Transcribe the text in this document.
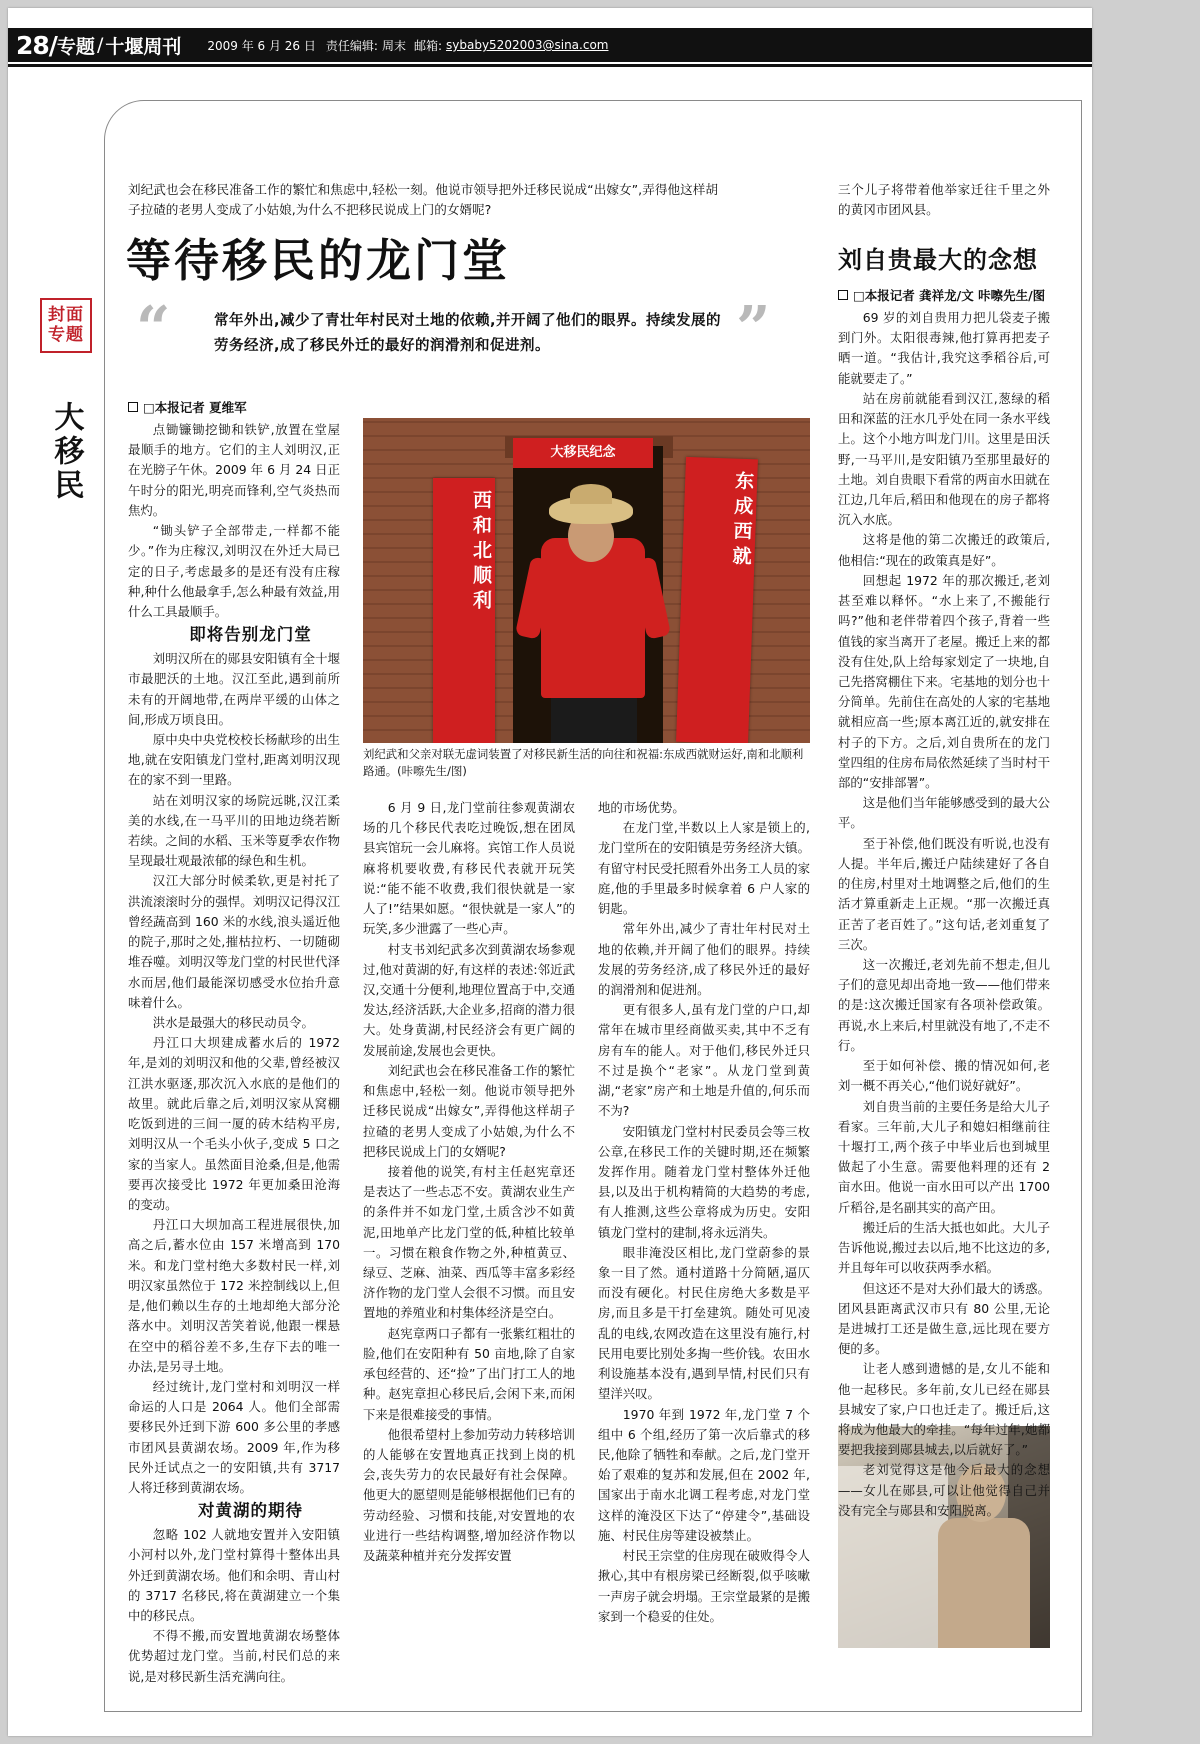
28/ 专题 / 十堰周刊 2009 年 6 月 26 日 责任编辑: 周末 邮箱: sybaby5202003@sina.com
封面专题
大移民
刘纪武也会在移民准备工作的繁忙和焦虑中,轻松一刻。他说市领导把外迁移民说成“出嫁女”,弄得他这样胡子拉碴的老男人变成了小姑娘,为什么不把移民说成上门的女婿呢?
等待移民的龙门堂
“	”
常年外出,减少了青壮年村民对土地的依赖,并开阔了他们的眼界。持续发展的劳务经济,成了移民外迁的最好的润滑剂和促进剂。
□本报记者 夏维军
三个儿子将带着他举家迁往千里之外的黄冈市团风县。
刘自贵最大的念想
□本报记者 龚祥龙/文 咔嚓先生/图
大移民纪念
西和北顺利	东成西就
刘纪武和父亲对联无虚词装置了对移民新生活的向往和祝福:东成西就财运好,南和北顺利路通。(咔嚓先生/图)

点锄镰锄挖锄和铁铲,放置在堂屋最顺手的地方。它们的主人刘明汉,正在光膀子午休。2009 年 6 月 24 日正午时分的阳光,明亮而锋利,空气炎热而焦灼。

“锄头铲子全部带走,一样都不能少。”作为庄稼汉,刘明汉在外迁大局已定的日子,考虑最多的是还有没有庄稼种,种什么他最拿手,怎么种最有效益,用什么工具最顺手。

即将告别龙门堂

刘明汉所在的郧县安阳镇有全十堰市最肥沃的土地。汉江至此,遇到前所未有的开阔地带,在两岸平缓的山体之间,形成万顷良田。

原中央中央党校校长杨献珍的出生地,就在安阳镇龙门堂村,距离刘明汉现在的家不到一里路。

站在刘明汉家的场院远眺,汉江柔美的水线,在一马平川的田地边绕若断若续。之间的水稻、玉米等夏季农作物呈现最壮观最浓郁的绿色和生机。

汉江大部分时候柔软,更是衬托了洪流滚滚时分的强悍。刘明汉记得汉江曾经蔬高到 160 米的水线,浪头遥近他的院子,那时之处,摧枯拉朽、一切随砌堆吞噬。刘明汉等龙门堂的村民世代泽水而居,他们最能深切感受水位抬升意味着什么。

洪水是最强大的移民动员令。

丹江口大坝建成蓄水后的 1972 年,是刘的刘明汉和他的父辈,曾经被汉江洪水驱逐,那次沉入水底的是他们的故里。就此后靠之后,刘明汉家从窝棚吃饭到进的三间一厦的砖木结构平房,刘明汉从一个毛头小伙子,变成 5 口之家的当家人。虽然面目沧桑,但是,他需要再次接受比 1972 年更加桑田沧海的变动。

丹江口大坝加高工程进展很快,加高之后,蓄水位由 157 米增高到 170 米。和龙门堂村绝大多数村民一样,刘明汉家虽然位于 172 米控制线以上,但是,他们赖以生存的土地却绝大部分沦落水中。刘明汉苦笑着说,他跟一棵悬在空中的稻谷差不多,生存下去的唯一办法,是另寻土地。

经过统计,龙门堂村和刘明汉一样命运的人口是 2064 人。他们全部需要移民外迁到下游 600 多公里的孝感市团风县黄湖农场。2009 年,作为移民外迁试点之一的安阳镇,共有 3717 人将迁移到黄湖农场。

对黄湖的期待

忽略 102 人就地安置并入安阳镇小河村以外,龙门堂村算得十整体出具外迁到黄湖农场。他们和余明、青山村的 3717 名移民,将在黄湖建立一个集中的移民点。

不得不搬,而安置地黄湖农场整体优势超过龙门堂。当前,村民们总的来说,是对移民新生活充满向往。

6 月 9 日,龙门堂前往参观黄湖农场的几个移民代表吃过晚饭,想在团凤县宾馆玩一会儿麻将。宾馆工作人员说麻将机要收费,有移民代表就开玩笑说:“能不能不收费,我们很快就是一家人了!”结果如愿。“很快就是一家人”的玩笑,多少泄露了一些心声。

村支书刘纪武多次到黄湖农场参观过,他对黄湖的好,有这样的表述:邻近武汉,交通十分便利,地理位置高于中,交通发达,经济活跃,大企业多,招商的潜力很大。处身黄湖,村民经济会有更广阔的发展前途,发展也会更快。

刘纪武也会在移民准备工作的繁忙和焦虑中,轻松一刻。他说市领导把外迁移民说成“出嫁女”,弄得他这样胡子拉碴的老男人变成了小姑娘,为什么不把移民说成上门的女婿呢?

接着他的说笑,有村主任赵宪章还是表达了一些忐忑不安。黄湖农业生产的条件并不如龙门堂,土质含沙不如黄泥,田地单产比龙门堂的低,种植比较单一。习惯在粮食作物之外,种植黄豆、绿豆、芝麻、油菜、西瓜等丰富多彩经济作物的龙门堂人会很不习惯。而且安置地的养殖业和村集体经济是空白。

赵宪章两口子都有一张紫红粗壮的脸,他们在安阳种有 50 亩地,除了自家承包经营的、还“捡”了出门打工人的地种。赵宪章担心移民后,会闲下来,而闲下来是很难接受的事情。

他很希望村上参加劳动力转移培训的人能够在安置地真正找到上岗的机会,丧失劳力的农民最好有社会保障。他更大的愿望则是能够根据他们已有的劳动经验、习惯和技能,对安置地的农业进行一些结构调整,增加经济作物以及蔬菜种植并充分发挥安置

地的市场优势。

在龙门堂,半数以上人家是锁上的,龙门堂所在的安阳镇是劳务经济大镇。有留守村民受托照看外出务工人员的家庭,他的手里最多时候拿着 6 户人家的钥匙。

常年外出,减少了青壮年村民对土地的依赖,并开阔了他们的眼界。持续发展的劳务经济,成了移民外迁的最好的润滑剂和促进剂。

更有很多人,虽有龙门堂的户口,却常年在城市里经商做买卖,其中不乏有房有车的能人。对于他们,移民外迁只不过是换个“老家”。从龙门堂到黄湖,“老家”房产和土地是升值的,何乐而不为?

安阳镇龙门堂村村民委员会等三枚公章,在移民工作的关键时期,还在频繁发挥作用。随着龙门堂村整体外迁他县,以及出于机构精简的大趋势的考虑,有人推测,这些公章将成为历史。安阳镇龙门堂村的建制,将永远消失。

眼非淹没区相比,龙门堂蔚参的景象一目了然。通村道路十分简陋,逼仄而没有硬化。村民住房绝大多数是平房,而且多是干打垒建筑。随处可见凌乱的电线,农网改造在这里没有施行,村民用电要比别处多掏一些价钱。农田水利设施基本没有,遇到旱情,村民们只有望洋兴叹。

1970 年到 1972 年,龙门堂 7 个组中 6 个组,经历了第一次后靠式的移民,他除了牺牲和奉献。之后,龙门堂开始了艰难的复苏和发展,但在 2002 年,国家出于南水北调工程考虑,对龙门堂这样的淹没区下达了“停建令”,基础设施、村民住房等建设被禁止。

村民王宗堂的住房现在破败得令人揪心,其中有根房梁已经断裂,似乎咳嗽一声房子就会坍塌。王宗堂最紧的是搬家到一个稳妥的住处。

69 岁的刘自贵用力把儿袋麦子搬到门外。太阳很毒辣,他打算再把麦子晒一道。“我估计,我究这季稻谷后,可能就要走了。”

站在房前就能看到汉江,葱绿的稻田和深蓝的汪水几乎处在同一条水平线上。这个小地方叫龙门川。这里是田沃野,一马平川,是安阳镇乃至那里最好的土地。刘自贵眼下看常的两亩水田就在江边,几年后,稻田和他现在的房子都将沉入水底。

这将是他的第二次搬迁的政策后,他相信:“现在的政策真是好”。

回想起 1972 年的那次搬迁,老刘甚至难以释怀。“水上来了,不搬能行吗?”他和老伴带着四个孩子,背着一些值钱的家当离开了老屋。搬迁上来的都没有住处,队上给每家划定了一块地,自己先搭窝棚住下来。宅基地的划分也十分简单。先前住在高处的人家的宅基地就相应高一些;原本离江近的,就安排在村子的下方。之后,刘自贵所在的龙门堂四组的住房布局依然延续了当时村干部的“安排部署”。

这是他们当年能够感受到的最大公平。

至于补偿,他们既没有听说,也没有人提。半年后,搬迁户陆续建好了各自的住房,村里对土地调整之后,他们的生活才算重新走上正规。“那一次搬迁真正苦了老百姓了。”这句话,老刘重复了三次。

这一次搬迁,老刘先前不想走,但儿子们的意见却出奇地一致——他们带来的是:这次搬迁国家有各项补偿政策。再说,水上来后,村里就没有地了,不走不行。

至于如何补偿、搬的情况如何,老刘一概不再关心,“他们说好就好”。

刘自贵当前的主要任务是给大儿子看家。三年前,大儿子和媳妇相继前往十堰打工,两个孩子中毕业后也到城里做起了小生意。需要他料理的还有 2 亩水田。他说一亩水田可以产出 1700 斤稻谷,是名副其实的高产田。

搬迁后的生活大抵也如此。大儿子告诉他说,搬过去以后,地不比这边的多,并且每年可以收获两季水稻。

但这还不是对大孙们最大的诱惑。团风县距离武汉市只有 80 公里,无论是进城打工还是做生意,远比现在要方便的多。

让老人感到遗憾的是,女儿不能和他一起移民。多年前,女儿已经在郧县县城安了家,户口也迁走了。搬迁后,这将成为他最大的牵挂。“每年过年,她都要把我接到郧县城去,以后就好了。”

老刘觉得这是他今后最大的念想——女儿在郧县,可以让他觉得自己并没有完全与郧县和安阳脱离。
